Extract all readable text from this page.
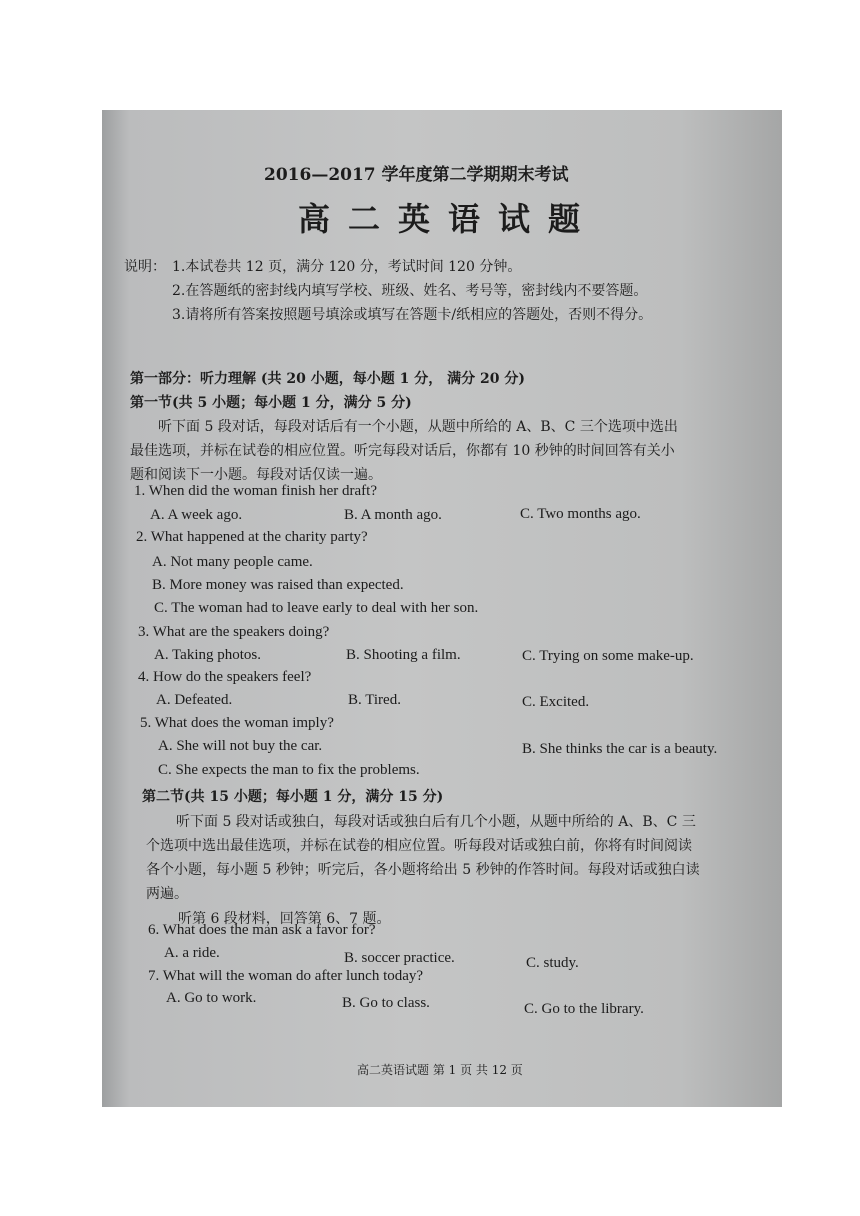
2016—2017 学年度第二学期期末考试
高二英语试题
说明： 1.本试卷共 12 页，满分 120 分，考试时间 120 分钟。
2.在答题纸的密封线内填写学校、班级、姓名、考号等，密封线内不要答题。
3.请将所有答案按照题号填涂或填写在答题卡/纸相应的答题处，否则不得分。
第一部分：听力理解 (共 20 小题，每小题 1 分， 满分 20 分)
第一节(共 5 小题；每小题 1 分，满分 5 分)
听下面 5 段对话，每段对话后有一个小题，从题中所给的 A、B、C 三个选项中选出
最佳选项，并标在试卷的相应位置。听完每段对话后，你都有 10 秒钟的时间回答有关小
题和阅读下一小题。每段对话仅读一遍。
1. When did the woman finish her draft?
A. A week ago.	B. A month ago.	C. Two months ago.
2. What happened at the charity party?
A. Not many people came.
B. More money was raised than expected.
C. The woman had to leave early to deal with her son.
3. What are the speakers doing?
A. Taking photos.	B. Shooting a film.	C. Trying on some make-up.
4. How do the speakers feel?
A. Defeated.	B. Tired.	C. Excited.
5. What does the woman imply?
A. She will not buy the car.	B. She thinks the car is a beauty.
C. She expects the man to fix the problems.
第二节(共 15 小题；每小题 1 分，满分 15 分)
听下面 5 段对话或独白，每段对话或独白后有几个小题，从题中所给的 A、B、C 三
个选项中选出最佳选项，并标在试卷的相应位置。听每段对话或独白前，你将有时间阅读
各个小题，每小题 5 秒钟；听完后，各小题将给出 5 秒钟的作答时间。每段对话或独白读
两遍。
听第 6 段材料，回答第 6、7 题。
6. What does the man ask a favor for?
A. a ride.	B. soccer practice.	C. study.
7. What will the woman do after lunch today?
A. Go to work.	B. Go to class.	C. Go to the library.
高二英语试题 第 1 页 共 12 页
